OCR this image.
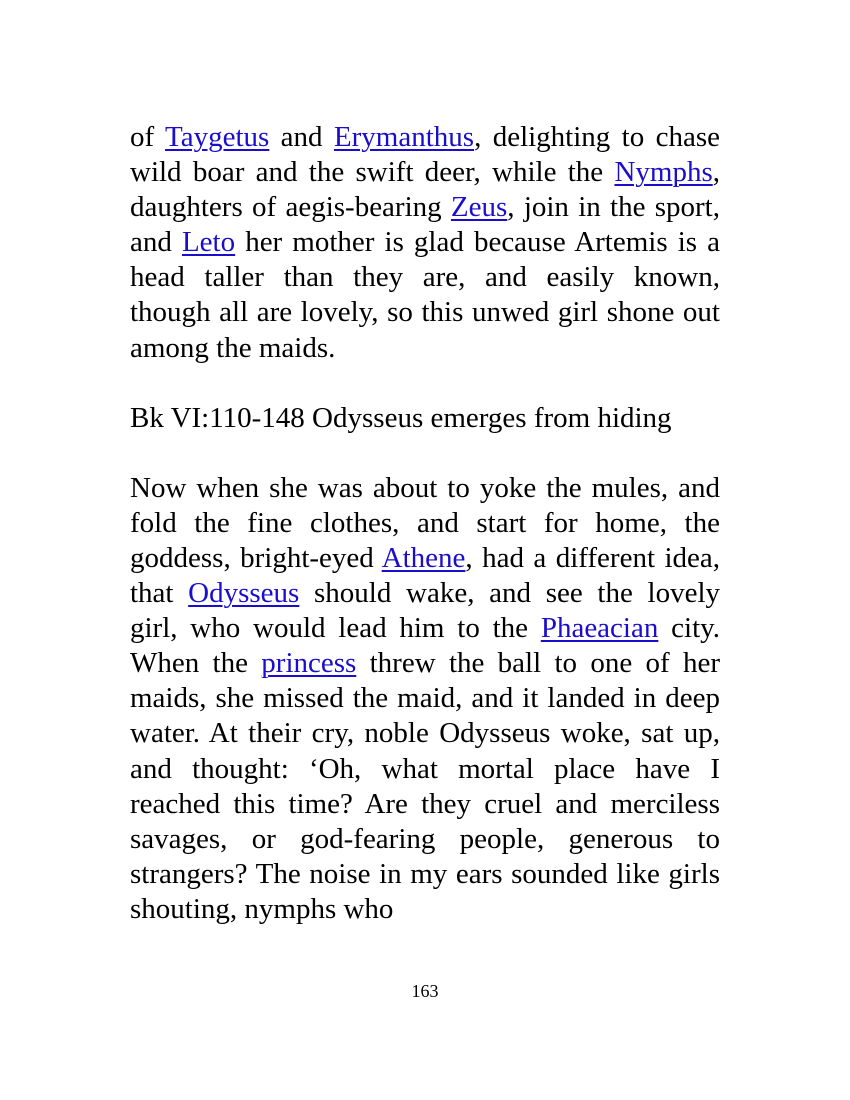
of Taygetus and Erymanthus, delighting to chase wild boar and the swift deer, while the Nymphs, daughters of aegis-bearing Zeus, join in the sport, and Leto her mother is glad because Artemis is a head taller than they are, and easily known, though all are lovely, so this unwed girl shone out among the maids.

Bk VI:110-148 Odysseus emerges from hiding

Now when she was about to yoke the mules, and fold the fine clothes, and start for home, the goddess, bright-eyed Athene, had a different idea, that Odysseus should wake, and see the lovely girl, who would lead him to the Phaeacian city. When the princess threw the ball to one of her maids, she missed the maid, and it landed in deep water. At their cry, noble Odysseus woke, sat up, and thought: ‘Oh, what mortal place have I reached this time? Are they cruel and merciless savages, or god-fearing people, generous to strangers? The noise in my ears sounded like girls shouting, nymphs who

163
